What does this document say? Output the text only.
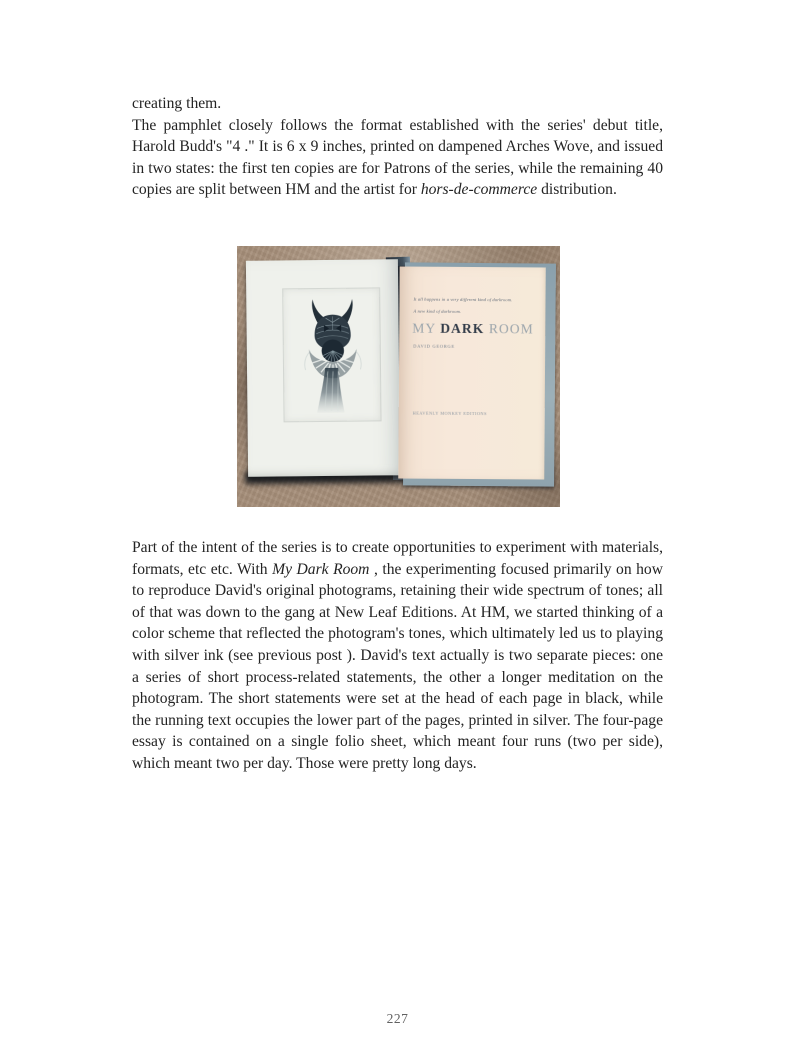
creating them.

The pamphlet closely follows the format established with the series' debut title, Harold Budd's "4 ." It is 6 x 9 inches, printed on dampened Arches Wove, and issued in two states: the first ten copies are for Patrons of the series, while the remaining 40 copies are split between HM and the artist for hors-de-commerce distribution.

It all happens in a very different kind of darkroom.
A new kind of darkroom.
MY DARK ROOM
DAVID GEORGE
HEAVENLY MONKEY EDITIONS

Part of the intent of the series is to create opportunities to experiment with materials, formats, etc etc. With My Dark Room , the experimenting focused primarily on how to reproduce David's original photograms, retaining their wide spectrum of tones; all of that was down to the gang at New Leaf Editions. At HM, we started thinking of a color scheme that reflected the photogram's tones, which ultimately led us to playing with silver ink (see previous post ). David's text actually is two separate pieces: one a series of short process-related statements, the other a longer meditation on the photogram. The short statements were set at the head of each page in black, while the running text occupies the lower part of the pages, printed in silver. The four-page essay is contained on a single folio sheet, which meant four runs (two per side), which meant two per day. Those were pretty long days.

227
